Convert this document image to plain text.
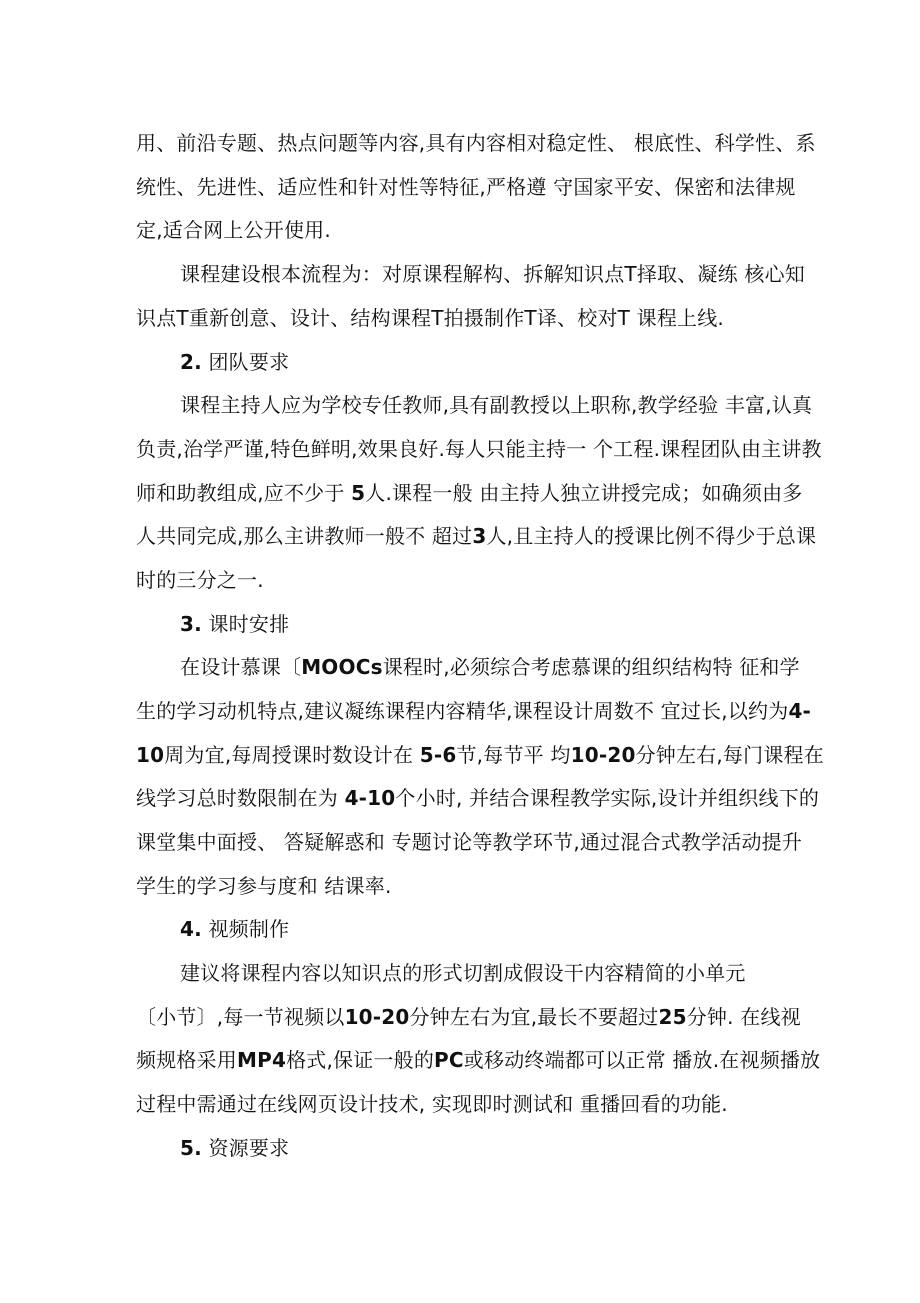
用、前沿专题、热点问题等内容,具有内容相对稳定性、 根底性、科学性、系
统性、先进性、适应性和针对性等特征,严格遵 守国家平安、保密和法律规
定,适合网上公开使用.
课程建设根本流程为：对原课程解构、拆解知识点T择取、凝练 核心知
识点T重新创意、设计、结构课程T拍摄制作T译、校对T 课程上线.
2. 团队要求
课程主持人应为学校专任教师,具有副教授以上职称,教学经验 丰富,认真
负责,治学严谨,特色鲜明,效果良好.每人只能主持一 个工程.课程团队由主讲教
师和助教组成,应不少于 5人.课程一般 由主持人独立讲授完成；如确须由多
人共同完成,那么主讲教师一般不 超过3人,且主持人的授课比例不得少于总课
时的三分之一.
3. 课时安排
在设计慕课〔MOOCs课程时,必须综合考虑慕课的组织结构特 征和学
生的学习动机特点,建议凝练课程内容精华,课程设计周数不 宜过长,以约为4-
10周为宜,每周授课时数设计在 5-6节,每节平 均10-20分钟左右,每门课程在
线学习总时数限制在为 4-10个小时, 并结合课程教学实际,设计并组织线下的
课堂集中面授、 答疑解惑和 专题讨论等教学环节,通过混合式教学活动提升
学生的学习参与度和 结课率.
4. 视频制作
建议将课程内容以知识点的形式切割成假设干内容精简的小单元
〔小节〕,每一节视频以10-20分钟左右为宜,最长不要超过25分钟. 在线视
频规格采用MP4格式,保证一般的PC或移动终端都可以正常 播放.在视频播放
过程中需通过在线网页设计技术, 实现即时测试和 重播回看的功能.
5. 资源要求
